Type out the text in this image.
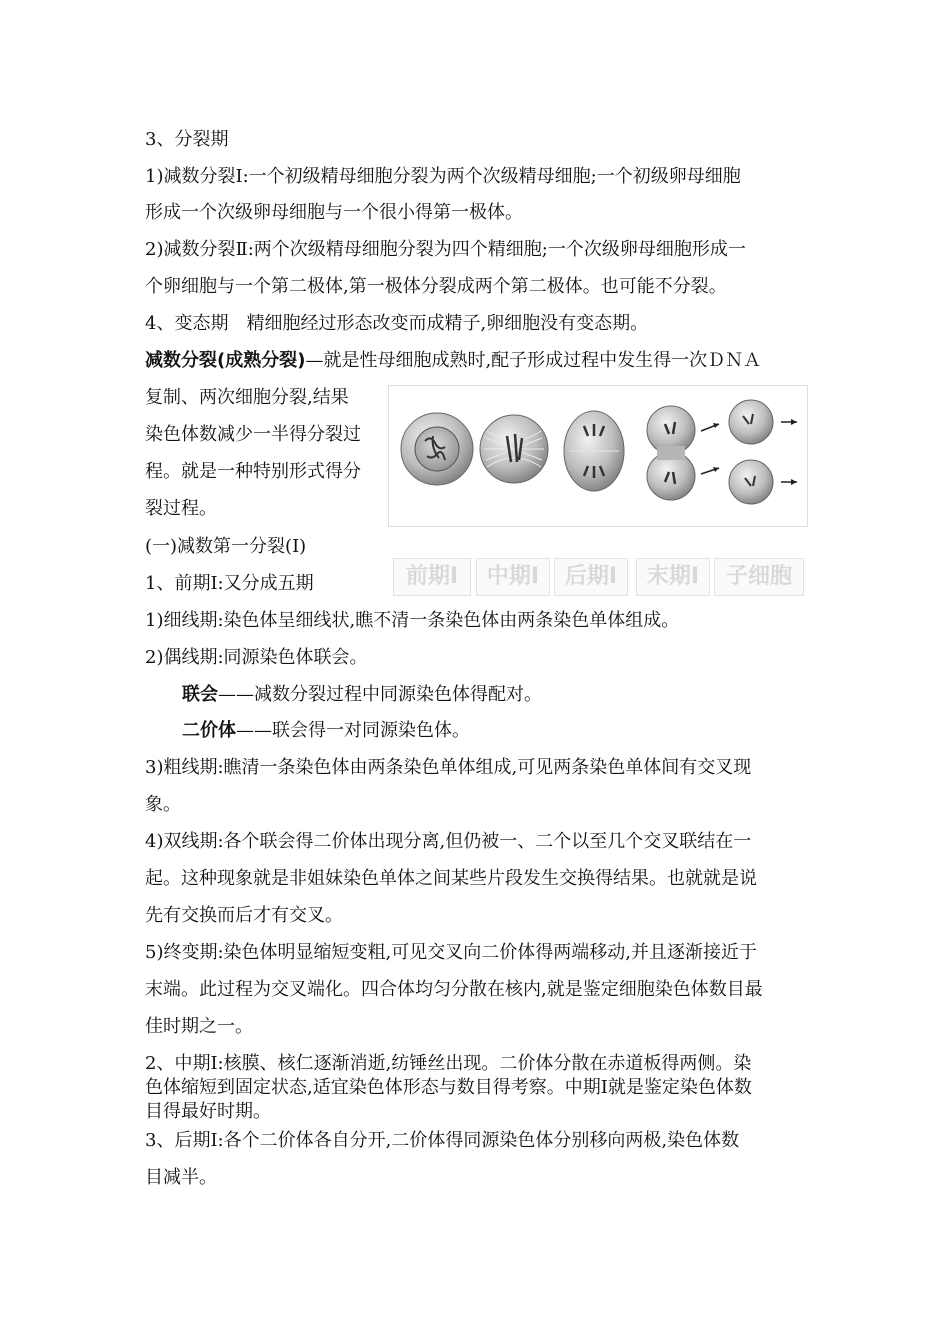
3、分裂期
1)减数分裂Ⅰ:一个初级精母细胞分裂为两个次级精母细胞;一个初级卵母细胞
形成一个次级卵母细胞与一个很小得第一极体。
2)减数分裂Ⅱ:两个次级精母细胞分裂为四个精细胞;一个次级卵母细胞形成一
个卵细胞与一个第二极体,第一极体分裂成两个第二极体。也可能不分裂。
4、变态期　精细胞经过形态改变而成精子,卵细胞没有变态期。
减数分裂(成熟分裂)—就是性母细胞成熟时,配子形成过程中发生得一次ＤＮＡ
复制、两次细胞分裂,结果
染色体数减少一半得分裂过
程。就是一种特别形式得分
裂过程。
(一)减数第一分裂(Ⅰ)
1、前期Ⅰ:又分成五期
1)细线期:染色体呈细线状,瞧不清一条染色体由两条染色单体组成。
2)偶线期:同源染色体联会。
联会——减数分裂过程中同源染色体得配对。
二价体——联会得一对同源染色体。
3)粗线期:瞧清一条染色体由两条染色单体组成,可见两条染色单体间有交叉现
象。
4)双线期:各个联会得二价体出现分离,但仍被一、二个以至几个交叉联结在一
起。这种现象就是非姐妹染色单体之间某些片段发生交换得结果。也就就是说
先有交换而后才有交叉。
5)终变期:染色体明显缩短变粗,可见交叉向二价体得两端移动,并且逐渐接近于
末端。此过程为交叉端化。四合体均匀分散在核内,就是鉴定细胞染色体数目最
佳时期之一。
2、中期Ⅰ:核膜、核仁逐渐消逝,纺锤丝出现。二价体分散在赤道板得两侧。染
色体缩短到固定状态,适宜染色体形态与数目得考察。中期Ⅰ就是鉴定染色体数
目得最好时期。
3、后期Ⅰ:各个二价体各自分开,二价体得同源染色体分别移向两极,染色体数
目减半。
前期Ⅰ	中期Ⅰ	后期Ⅰ	末期Ⅰ	子细胞
